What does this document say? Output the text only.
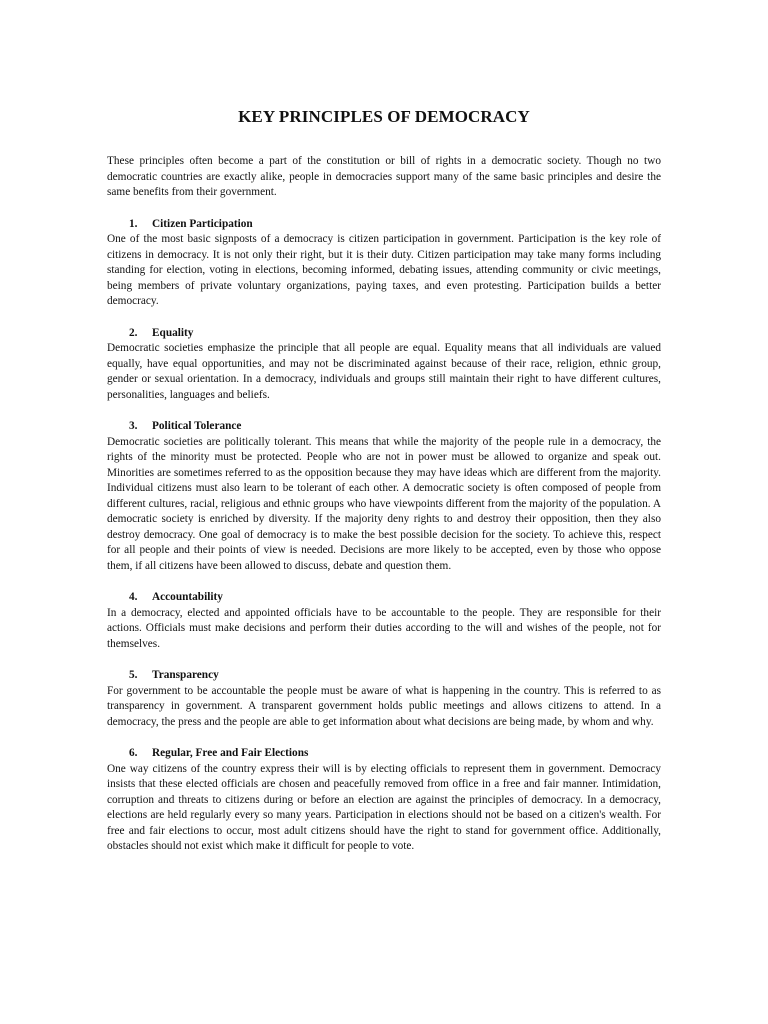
KEY PRINCIPLES OF DEMOCRACY

These principles often become a part of the constitution or bill of rights in a democratic society. Though no two democratic countries are exactly alike, people in democracies support many of the same basic principles and desire the same benefits from their government.

1. Citizen Participation

One of the most basic signposts of a democracy is citizen participation in government. Participation is the key role of citizens in democracy. It is not only their right, but it is their duty. Citizen participation may take many forms including standing for election, voting in elections, becoming informed, debating issues, attending community or civic meetings, being members of private voluntary organizations, paying taxes, and even protesting. Participation builds a better democracy.

2. Equality

Democratic societies emphasize the principle that all people are equal. Equality means that all individuals are valued equally, have equal opportunities, and may not be discriminated against because of their race, religion, ethnic group, gender or sexual orientation. In a democracy, individuals and groups still maintain their right to have different cultures, personalities, languages and beliefs.

3. Political Tolerance

Democratic societies are politically tolerant. This means that while the majority of the people rule in a democracy, the rights of the minority must be protected. People who are not in power must be allowed to organize and speak out. Minorities are sometimes referred to as the opposition because they may have ideas which are different from the majority. Individual citizens must also learn to be tolerant of each other. A democratic society is often composed of people from different cultures, racial, religious and ethnic groups who have viewpoints different from the majority of the population. A democratic society is enriched by diversity. If the majority deny rights to and destroy their opposition, then they also destroy democracy. One goal of democracy is to make the best possible decision for the society. To achieve this, respect for all people and their points of view is needed. Decisions are more likely to be accepted, even by those who oppose them, if all citizens have been allowed to discuss, debate and question them.

4. Accountability

In a democracy, elected and appointed officials have to be accountable to the people. They are responsible for their actions. Officials must make decisions and perform their duties according to the will and wishes of the people, not for themselves.

5. Transparency

For government to be accountable the people must be aware of what is happening in the country. This is referred to as transparency in government. A transparent government holds public meetings and allows citizens to attend. In a democracy, the press and the people are able to get information about what decisions are being made, by whom and why.

6. Regular, Free and Fair Elections

One way citizens of the country express their will is by electing officials to represent them in government. Democracy insists that these elected officials are chosen and peacefully removed from office in a free and fair manner. Intimidation, corruption and threats to citizens during or before an election are against the principles of democracy. In a democracy, elections are held regularly every so many years. Participation in elections should not be based on a citizen's wealth. For free and fair elections to occur, most adult citizens should have the right to stand for government office. Additionally, obstacles should not exist which make it difficult for people to vote.
